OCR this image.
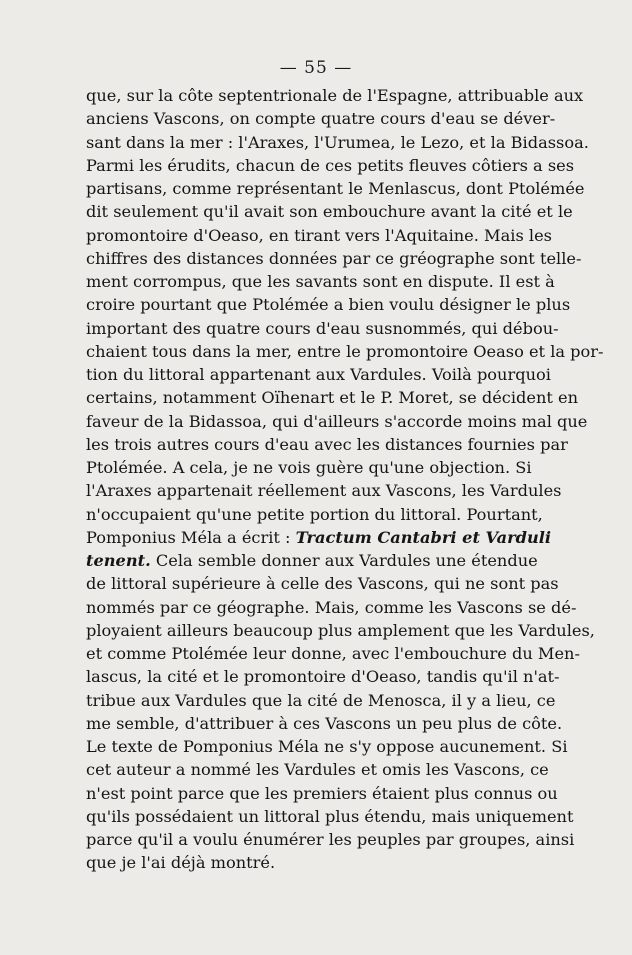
— 55 —
que, sur la côte septentrionale de l'Espagne, attribuable aux
anciens Vascons, on compte quatre cours d'eau se déver-
sant dans la mer : l'Araxes, l'Urumea, le Lezo, et la Bidassoa.
Parmi les érudits, chacun de ces petits fleuves côtiers a ses
partisans, comme représentant le Menlascus, dont Ptolémée
dit seulement qu'il avait son embouchure avant la cité et le
promontoire d'Oeaso, en tirant vers l'Aquitaine. Mais les
chiffres des distances données par ce gréographe sont telle-
ment corrompus, que les savants sont en dispute. Il est à
croire pourtant que Ptolémée a bien voulu désigner le plus
important des quatre cours d'eau susnommés, qui débou-
chaient tous dans la mer, entre le promontoire Oeaso et la por-
tion du littoral appartenant aux Vardules. Voilà pourquoi
certains, notamment Oïhenart et le P. Moret, se décident en
faveur de la Bidassoa, qui d'ailleurs s'accorde moins mal que
les trois autres cours d'eau avec les distances fournies par
Ptolémée. A cela, je ne vois guère qu'une objection. Si
l'Araxes appartenait réellement aux Vascons, les Vardules
n'occupaient qu'une petite portion du littoral. Pourtant,
Pomponius Méla a écrit : Tractum Cantabri et Varduli
tenent. Cela semble donner aux Vardules une étendue
de littoral supérieure à celle des Vascons, qui ne sont pas
nommés par ce géographe. Mais, comme les Vascons se dé-
ployaient ailleurs beaucoup plus amplement que les Vardules,
et comme Ptolémée leur donne, avec l'embouchure du Men-
lascus, la cité et le promontoire d'Oeaso, tandis qu'il n'at-
tribue aux Vardules que la cité de Menosca, il y a lieu, ce
me semble, d'attribuer à ces Vascons un peu plus de côte.
Le texte de Pomponius Méla ne s'y oppose aucunement. Si
cet auteur a nommé les Vardules et omis les Vascons, ce
n'est point parce que les premiers étaient plus connus ou
qu'ils possédaient un littoral plus étendu, mais uniquement
parce qu'il a voulu énumérer les peuples par groupes, ainsi
que je l'ai déjà montré.
